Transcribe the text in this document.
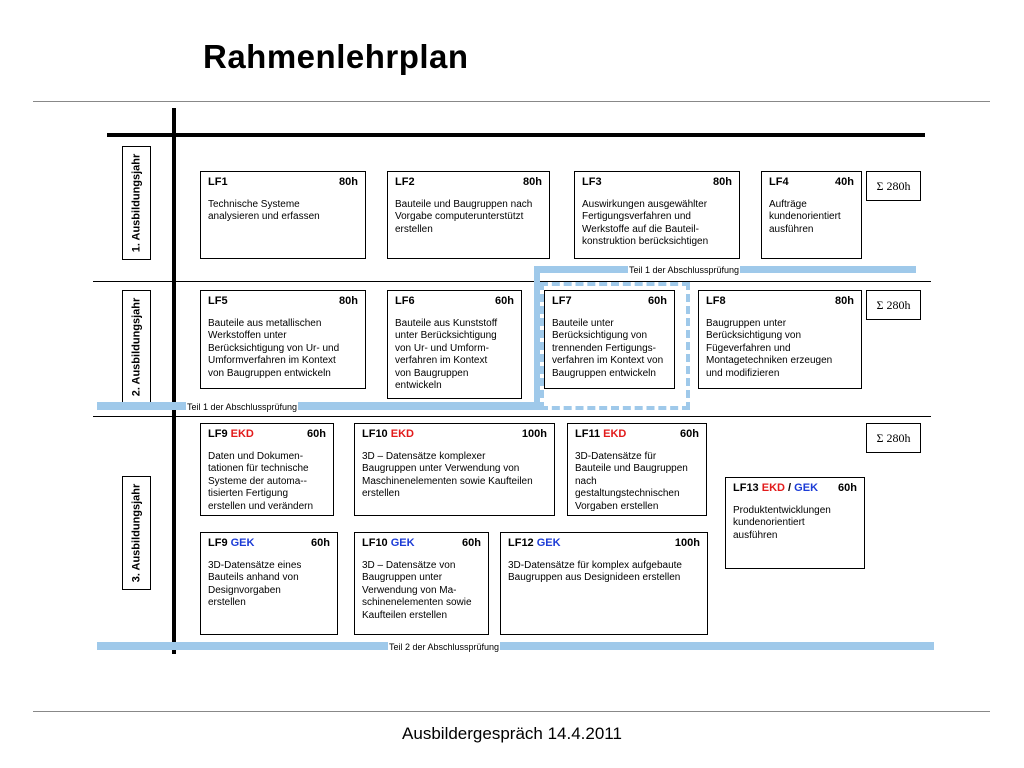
Rahmenlehrplan
1. Ausbildungsjahr
2. Ausbildungsjahr
3. Ausbildungsjahr
Teil 1 der Abschlussprüfung
Teil 1 der Abschlussprüfung
Teil 2 der Abschlussprüfung
LF1	80h
Technische Systeme
analysieren und erfassen
LF2	80h
Bauteile und Baugruppen nach
Vorgabe computerunterstützt
erstellen
LF3	80h
Auswirkungen ausgewählter
Fertigungsverfahren und
Werkstoffe auf die Bauteil-
konstruktion berücksichtigen
LF4	40h
Aufträge
kundenorientiert
ausführen
Σ 280h
LF5	80h
Bauteile aus metallischen
Werkstoffen unter
Berücksichtigung von Ur- und
Umformverfahren im Kontext
von Baugruppen entwickeln
LF6	60h
Bauteile aus Kunststoff
unter Berücksichtigung
von Ur- und Umform-
verfahren im Kontext
von Baugruppen
entwickeln
LF7	60h
Bauteile unter
Berücksichtigung von
trennenden Fertigungs-
verfahren im Kontext von
Baugruppen entwickeln
LF8	80h
Baugruppen unter
Berücksichtigung von
Fügeverfahren und
Montagetechniken erzeugen
und modifizieren
Σ 280h
LF9 EKD	60h
Daten und Dokumen-
tationen für technische
Systeme der automa--
tisierten Fertigung
erstellen und verändern
LF10 EKD	100h
3D – Datensätze komplexer
Baugruppen unter Verwendung von
Maschinenelementen sowie Kaufteilen
erstellen
LF11 EKD	60h
3D-Datensätze für
Bauteile und Baugruppen
nach
gestaltungstechnischen
Vorgaben erstellen
LF13 EKD / GEK 60h
Produktentwicklungen
kundenorientiert
ausführen
Σ 280h
LF9 GEK	60h
3D-Datensätze eines
Bauteils anhand von
Designvorgaben
erstellen
LF10 GEK	60h
3D – Datensätze von
Baugruppen unter
Verwendung von Ma-
schinenelementen sowie
Kaufteilen erstellen
LF12 GEK	100h
3D-Datensätze für komplex aufgebaute
Baugruppen aus Designideen erstellen
Ausbildergespräch 14.4.2011
